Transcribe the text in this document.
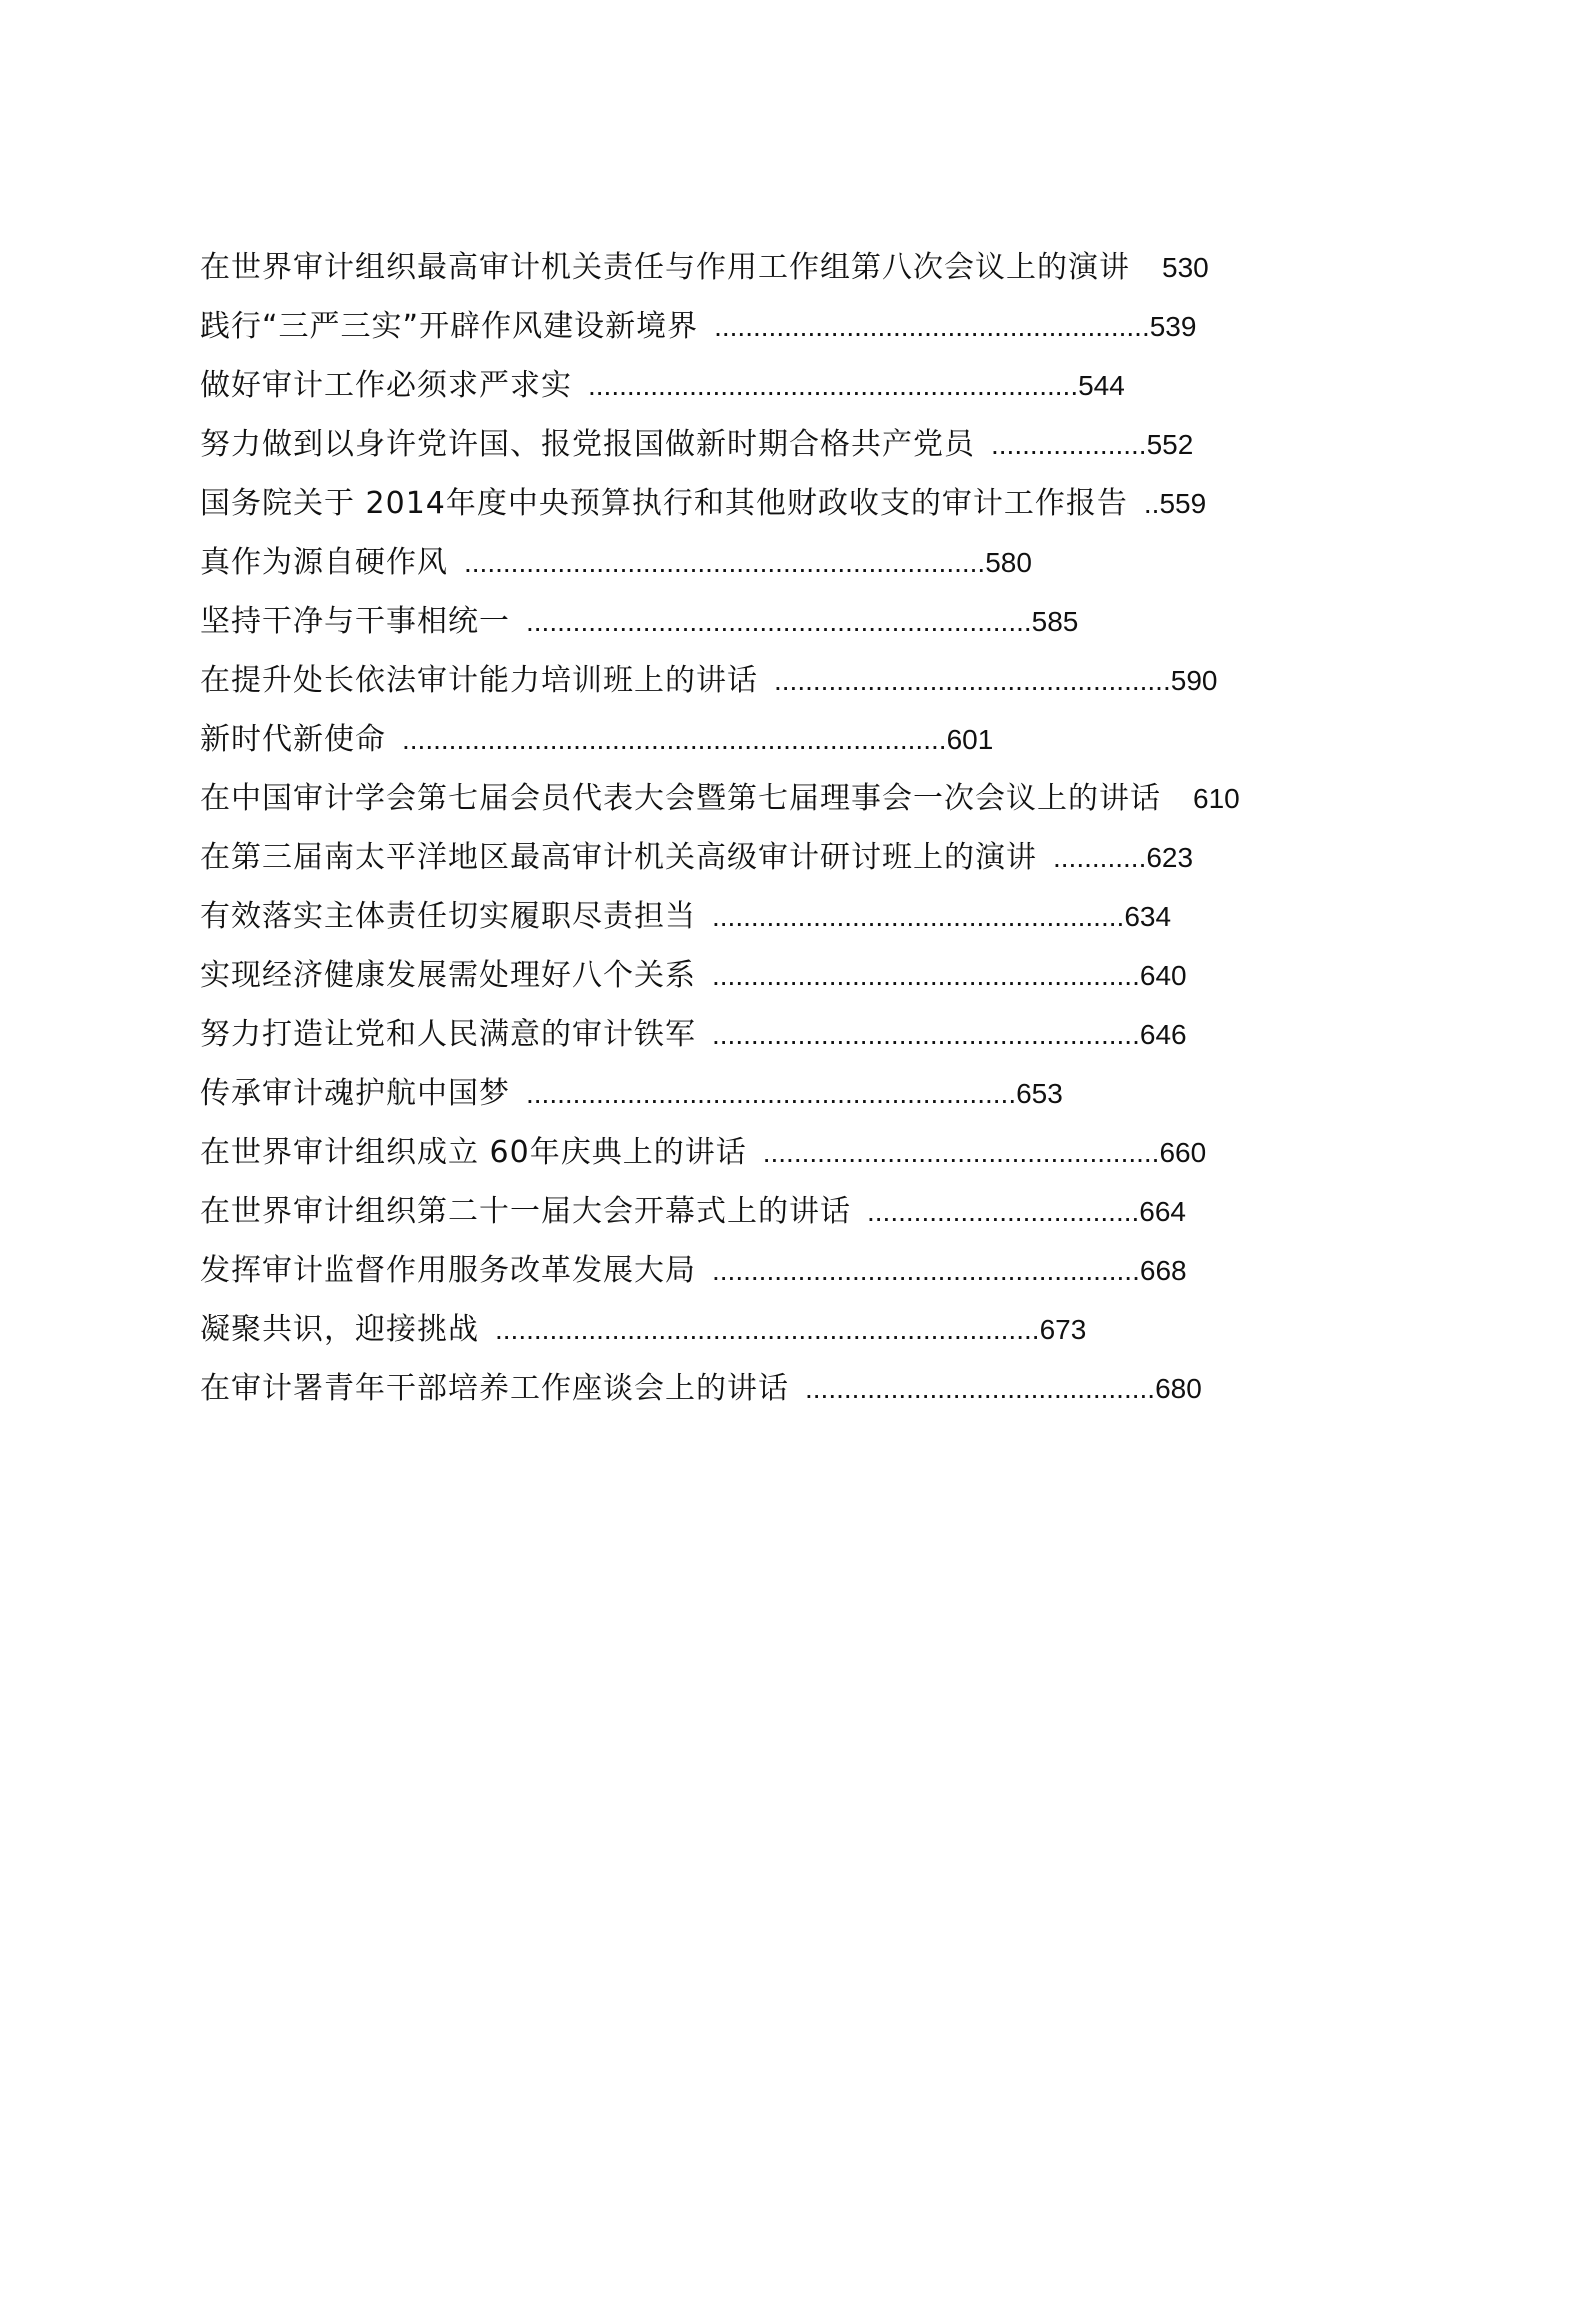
在世界审计组织最高审计机关责任与作用工作组第八次会议上的演讲 530
践行“三严三实”开辟作风建设新境界 ........................................................ 539
做好审计工作必须求严求实 ............................................................... 544
努力做到以身许党许国、报党报国做新时期合格共产党员 .................... 552
国务院关于 2014年度中央预算执行和其他财政收支的审计工作报告 .. 559
真作为源自硬作风 ................................................................... 580
坚持干净与干事相统一 ................................................................. 585
在提升处长依法审计能力培训班上的讲话 ................................................... 590
新时代新使命 ...................................................................... 601
在中国审计学会第七届会员代表大会暨第七届理事会一次会议上的讲话 610
在第三届南太平洋地区最高审计机关高级审计研讨班上的演讲 ............ 623
有效落实主体责任切实履职尽责担当 ..................................................... 634
实现经济健康发展需处理好八个关系 ....................................................... 640
努力打造让党和人民满意的审计铁军 ....................................................... 646
传承审计魂护航中国梦 ............................................................... 653
在世界审计组织成立 60年庆典上的讲话 ................................................... 660
在世界审计组织第二十一届大会开幕式上的讲话 ................................... 664
发挥审计监督作用服务改革发展大局 ....................................................... 668
凝聚共识，迎接挑战 ...................................................................... 673
在审计署青年干部培养工作座谈会上的讲话 ............................................. 680
